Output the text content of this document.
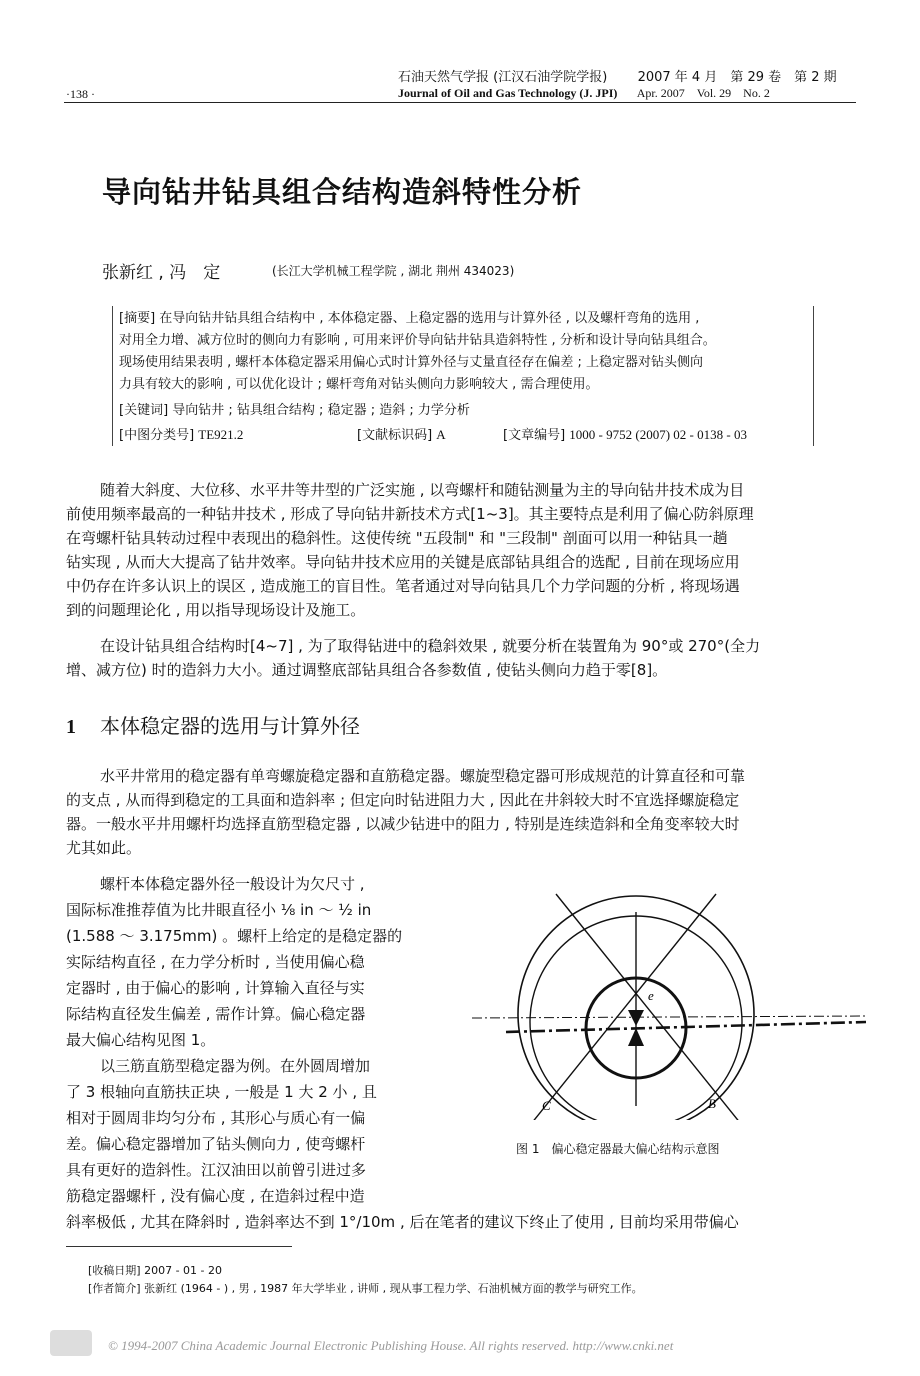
石油天然气学报 (江汉石油学院学报) 2007 年 4 月　第 29 卷　第 2 期
Journal of Oil and Gas Technology (J. JPI) Apr. 2007　Vol. 29　No. 2
·138 ·
导向钻井钻具组合结构造斜特性分析
张新红 , 冯　定	(长江大学机械工程学院 , 湖北 荆州 434023)
[摘要] 在导向钻井钻具组合结构中 , 本体稳定器、上稳定器的选用与计算外径 , 以及螺杆弯角的选用 ,
对用全力增、减方位时的侧向力有影响 , 可用来评价导向钻井钻具造斜特性 , 分析和设计导向钻具组合。
现场使用结果表明 , 螺杆本体稳定器采用偏心式时计算外径与丈量直径存在偏差 ; 上稳定器对钻头侧向
力具有较大的影响 , 可以优化设计 ; 螺杆弯角对钻头侧向力影响较大 , 需合理使用。
[关键词] 导向钻井 ; 钻具组合结构 ; 稳定器 ; 造斜 ; 力学分析
[中图分类号] TE921.2	[文献标识码] A	[文章编号] 1000 - 9752 (2007) 02 - 0138 - 03
随着大斜度、大位移、水平井等井型的广泛实施 , 以弯螺杆和随钻测量为主的导向钻井技术成为目
前使用频率最高的一种钻井技术 , 形成了导向钻井新技术方式[1~3]。其主要特点是利用了偏心防斜原理
在弯螺杆钻具转动过程中表现出的稳斜性。这使传统 "五段制" 和 "三段制" 剖面可以用一种钻具一趟
钻实现 , 从而大大提高了钻井效率。导向钻井技术应用的关键是底部钻具组合的选配 , 目前在现场应用
中仍存在许多认识上的误区 , 造成施工的盲目性。笔者通过对导向钻具几个力学问题的分析 , 将现场遇
到的问题理论化 , 用以指导现场设计及施工。
在设计钻具组合结构时[4~7] , 为了取得钻进中的稳斜效果 , 就要分析在装置角为 90°或 270°(全力
增、减方位) 时的造斜力大小。通过调整底部钻具组合各参数值 , 使钻头侧向力趋于零[8]。
1 本体稳定器的选用与计算外径
水平井常用的稳定器有单弯螺旋稳定器和直筋稳定器。螺旋型稳定器可形成规范的计算直径和可靠
的支点 , 从而得到稳定的工具面和造斜率 ; 但定向时钻进阻力大 , 因此在井斜较大时不宜选择螺旋稳定
器。一般水平井用螺杆均选择直筋型稳定器 , 以减少钻进中的阻力 , 特别是连续造斜和全角变率较大时
尤其如此。
螺杆本体稳定器外径一般设计为欠尺寸 ,
国际标准推荐值为比井眼直径小 ⅛ in ～ ½ in
(1.588 ～ 3.175mm) 。螺杆上给定的是稳定器的
实际结构直径 , 在力学分析时 , 当使用偏心稳
定器时 , 由于偏心的影响 , 计算输入直径与实
际结构直径发生偏差 , 需作计算。偏心稳定器
最大偏心结构见图 1。
以三筋直筋型稳定器为例。在外圆周增加
了 3 根轴向直筋扶正块 , 一般是 1 大 2 小 , 且
相对于圆周非均匀分布 , 其形心与质心有一偏
差。偏心稳定器增加了钻头侧向力 , 使弯螺杆
具有更好的造斜性。江汉油田以前曾引进过多
筋稳定器螺杆 , 没有偏心度 , 在造斜过程中造
斜率极低 , 尤其在降斜时 , 造斜率达不到 1°/10m , 后在笔者的建议下终止了使用 , 目前均采用带偏心
e
C	B
图 1　偏心稳定器最大偏心结构示意图
[收稿日期] 2007 - 01 - 20
[作者简介] 张新红 (1964 - ) , 男 , 1987 年大学毕业 , 讲师 , 现从事工程力学、石油机械方面的教学与研究工作。
© 1994-2007 China Academic Journal Electronic Publishing House. All rights reserved. http://www.cnki.net
